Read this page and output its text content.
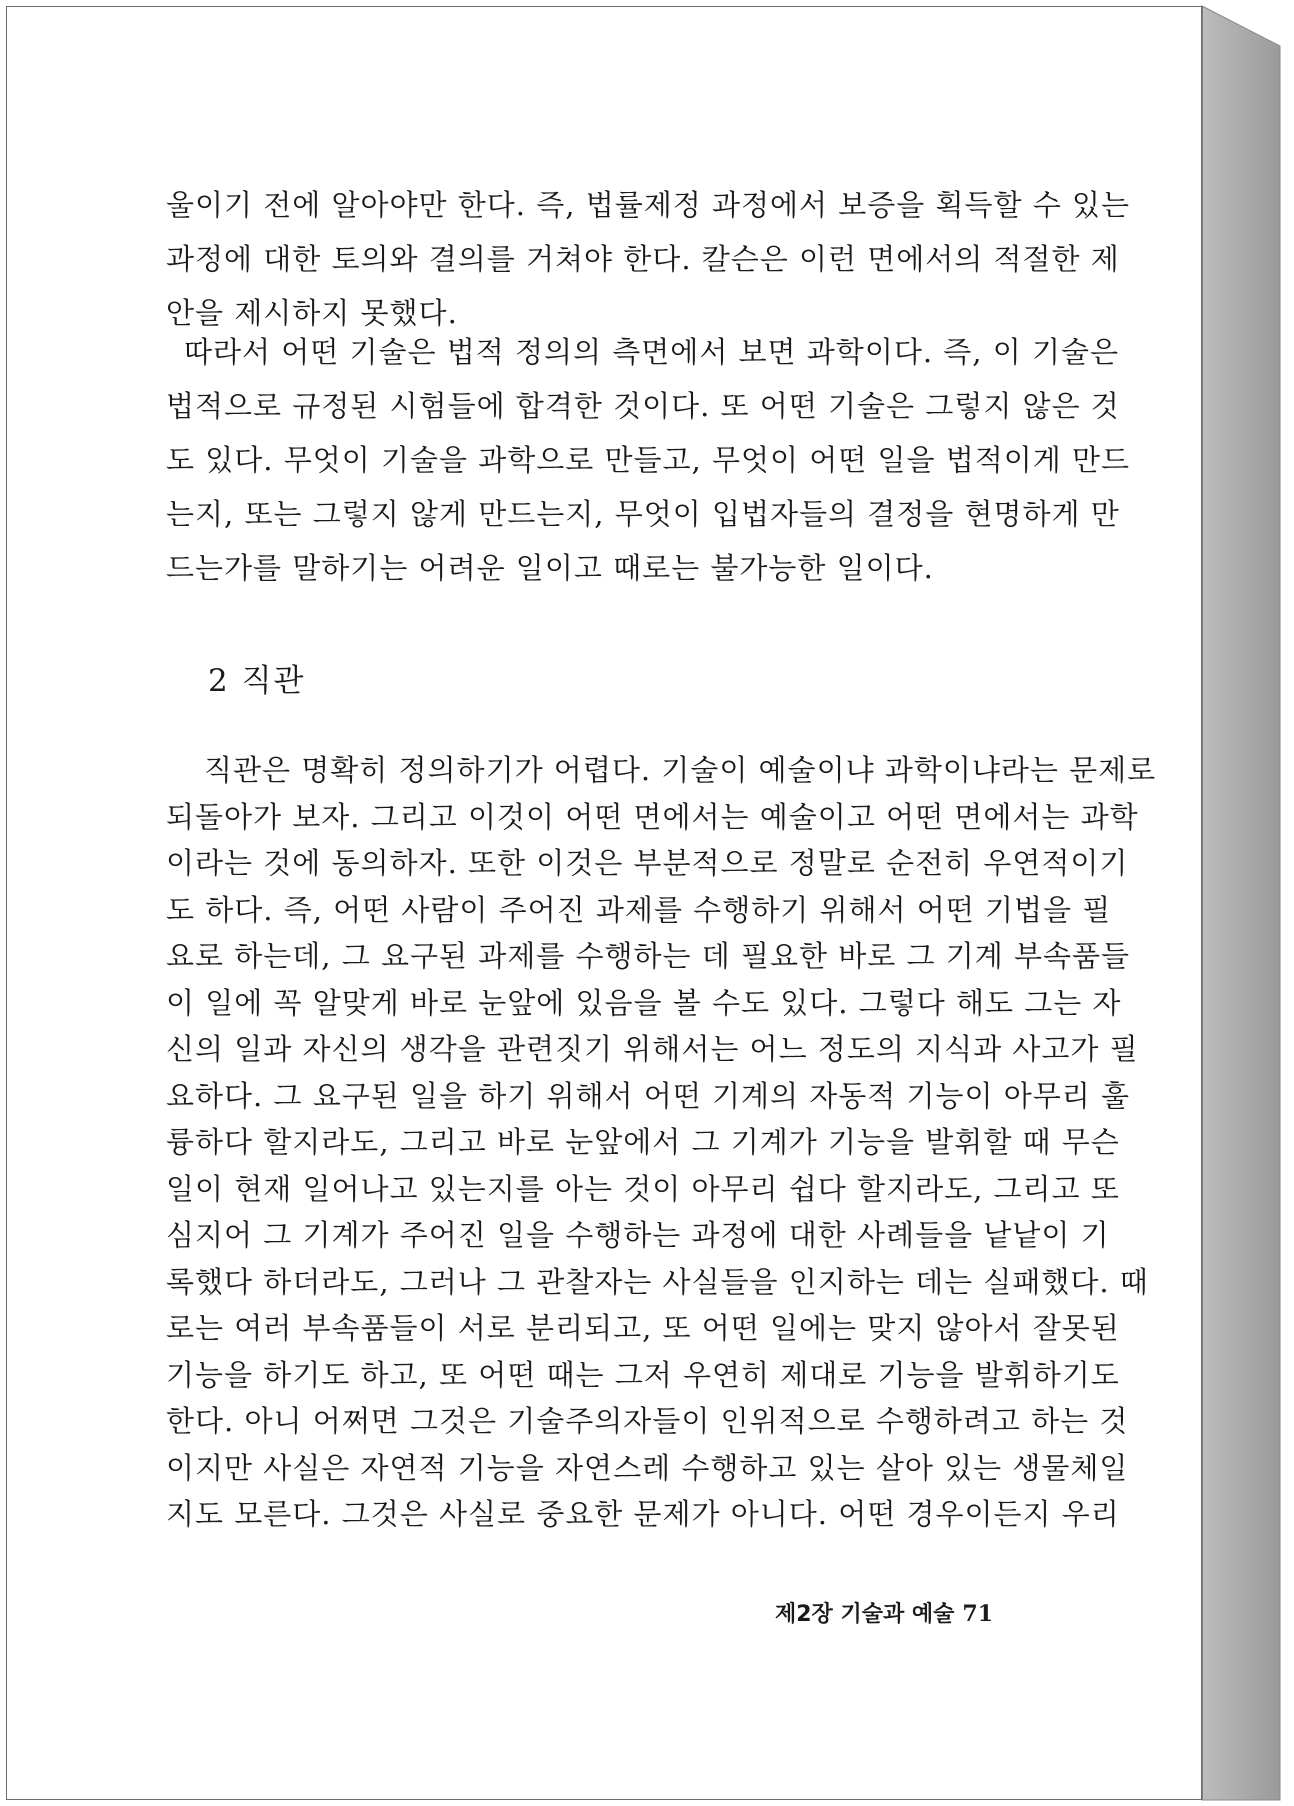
울이기 전에 알아야만 한다. 즉, 법률제정 과정에서 보증을 획득할 수 있는
과정에 대한 토의와 결의를 거쳐야 한다. 칼슨은 이런 면에서의 적절한 제
안을 제시하지 못했다.
따라서 어떤 기술은 법적 정의의 측면에서 보면 과학이다. 즉, 이 기술은
법적으로 규정된 시험들에 합격한 것이다. 또 어떤 기술은 그렇지 않은 것
도 있다. 무엇이 기술을 과학으로 만들고, 무엇이 어떤 일을 법적이게 만드
는지, 또는 그렇지 않게 만드는지, 무엇이 입법자들의 결정을 현명하게 만
드는가를 말하기는 어려운 일이고 때로는 불가능한 일이다.
2 직관
직관은 명확히 정의하기가 어렵다. 기술이 예술이냐 과학이냐라는 문제로
되돌아가 보자. 그리고 이것이 어떤 면에서는 예술이고 어떤 면에서는 과학
이라는 것에 동의하자. 또한 이것은 부분적으로 정말로 순전히 우연적이기
도 하다. 즉, 어떤 사람이 주어진 과제를 수행하기 위해서 어떤 기법을 필
요로 하는데, 그 요구된 과제를 수행하는 데 필요한 바로 그 기계 부속품들
이 일에 꼭 알맞게 바로 눈앞에 있음을 볼 수도 있다. 그렇다 해도 그는 자
신의 일과 자신의 생각을 관련짓기 위해서는 어느 정도의 지식과 사고가 필
요하다. 그 요구된 일을 하기 위해서 어떤 기계의 자동적 기능이 아무리 훌
륭하다 할지라도, 그리고 바로 눈앞에서 그 기계가 기능을 발휘할 때 무슨
일이 현재 일어나고 있는지를 아는 것이 아무리 쉽다 할지라도, 그리고 또
심지어 그 기계가 주어진 일을 수행하는 과정에 대한 사례들을 낱낱이 기
록했다 하더라도, 그러나 그 관찰자는 사실들을 인지하는 데는 실패했다. 때
로는 여러 부속품들이 서로 분리되고, 또 어떤 일에는 맞지 않아서 잘못된
기능을 하기도 하고, 또 어떤 때는 그저 우연히 제대로 기능을 발휘하기도
한다. 아니 어쩌면 그것은 기술주의자들이 인위적으로 수행하려고 하는 것
이지만 사실은 자연적 기능을 자연스레 수행하고 있는 살아 있는 생물체일
지도 모른다. 그것은 사실로 중요한 문제가 아니다. 어떤 경우이든지 우리
제2장 기술과 예술 71
